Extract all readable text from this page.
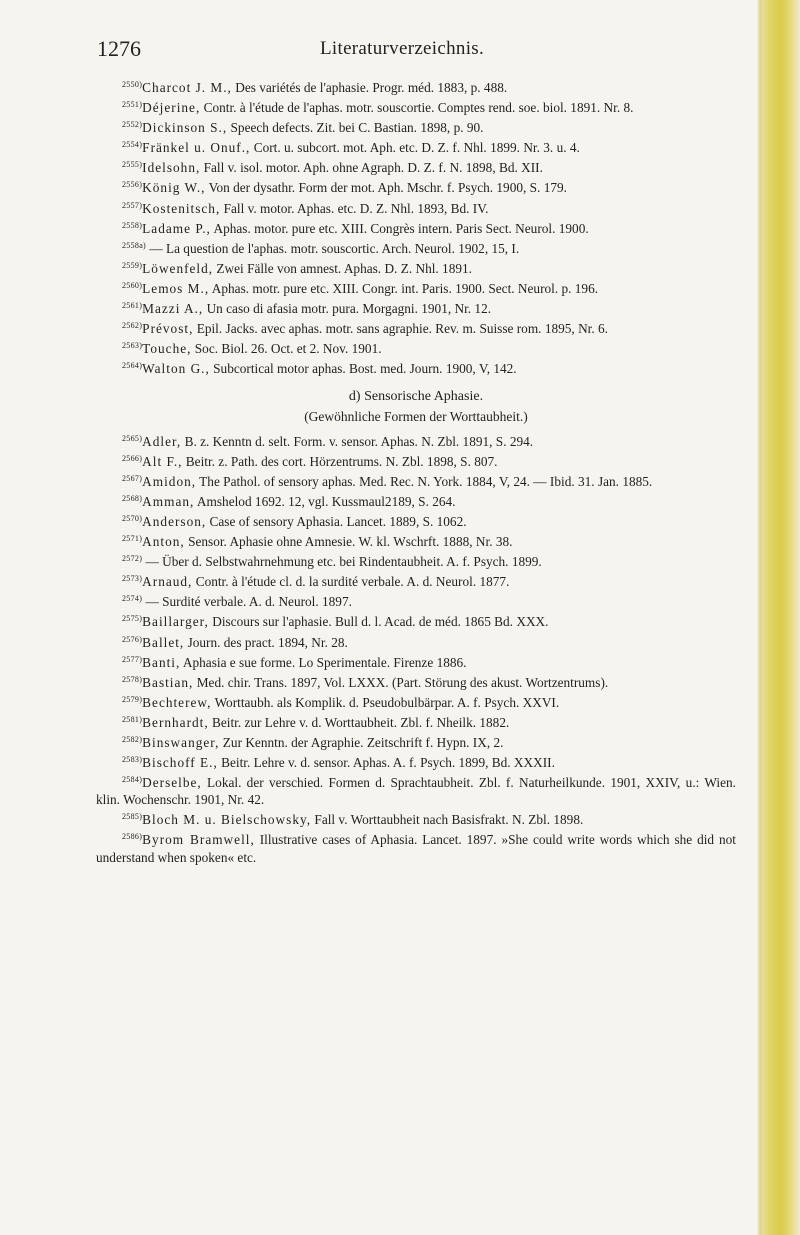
1276	Literaturverzeichnis.

$^{2550)}$Charcot J. M., Des variétés de l'aphasie. Progr. méd. 1883, p. 488.

$^{2551)}$Déjerine, Contr. à l'étude de l'aphas. motr. souscortie. Comptes rend. soe. biol. 1891. Nr. 8.

$^{2552)}$Dickinson S., Speech defects. Zit. bei C. Bastian. 1898, p. 90.

$^{2554)}$Fränkel u. Onuf., Cort. u. subcort. mot. Aph. etc. D. Z. f. Nhl. 1899. Nr. 3. u. 4.

$^{2555)}$Idelsohn, Fall v. isol. motor. Aph. ohne Agraph. D. Z. f. N. 1898, Bd. XII.

$^{2556)}$König W., Von der dysathr. Form der mot. Aph. Mschr. f. Psych. 1900, S. 179.

$^{2557)}$Kostenitsch, Fall v. motor. Aphas. etc. D. Z. Nhl. 1893, Bd. IV.

$^{2558)}$Ladame P., Aphas. motor. pure etc. XIII. Congrès intern. Paris Sect. Neurol. 1900.

$^{2558a)}$ — La question de l'aphas. motr. souscortic. Arch. Neurol. 1902, 15, I.

$^{2559)}$Löwenfeld, Zwei Fälle von amnest. Aphas. D. Z. Nhl. 1891.

$^{2560)}$Lemos M., Aphas. motr. pure etc. XIII. Congr. int. Paris. 1900. Sect. Neurol. p. 196.

$^{2561)}$Mazzi A., Un caso di afasia motr. pura. Morgagni. 1901, Nr. 12.

$^{2562)}$Prévost, Epil. Jacks. avec aphas. motr. sans agraphie. Rev. m. Suisse rom. 1895, Nr. 6.

$^{2563)}$Touche, Soc. Biol. 26. Oct. et 2. Nov. 1901.

$^{2564)}$Walton G., Subcortical motor aphas. Bost. med. Journ. 1900, V, 142.

d) Sensorische Aphasie.
(Gewöhnliche Formen der Worttaubheit.)

$^{2565)}$Adler, B. z. Kenntn d. selt. Form. v. sensor. Aphas. N. Zbl. 1891, S. 294.

$^{2566)}$Alt F., Beitr. z. Path. des cort. Hörzentrums. N. Zbl. 1898, S. 807.

$^{2567)}$Amidon, The Pathol. of sensory aphas. Med. Rec. N. York. 1884, V, 24. — Ibid. 31. Jan. 1885.

$^{2568)}$Amman, Amshelod 1692. 12, vgl. Kussmaul2189, S. 264.

$^{2570)}$Anderson, Case of sensory Aphasia. Lancet. 1889, S. 1062.

$^{2571)}$Anton, Sensor. Aphasie ohne Amnesie. W. kl. Wschrft. 1888, Nr. 38.

$^{2572)}$ — Über d. Selbstwahrnehmung etc. bei Rindentaubheit. A. f. Psych. 1899.

$^{2573)}$Arnaud, Contr. à l'étude cl. d. la surdité verbale. A. d. Neurol. 1877.

$^{2574)}$ — Surdité verbale. A. d. Neurol. 1897.

$^{2575)}$Baillarger, Discours sur l'aphasie. Bull d. l. Acad. de méd. 1865 Bd. XXX.

$^{2576)}$Ballet, Journ. des pract. 1894, Nr. 28.

$^{2577)}$Banti, Aphasia e sue forme. Lo Sperimentale. Firenze 1886.

$^{2578)}$Bastian, Med. chir. Trans. 1897, Vol. LXXX. (Part. Störung des akust. Wortzentrums).

$^{2579)}$Bechterew, Worttaubh. als Komplik. d. Pseudobulbärpar. A. f. Psych. XXVI.

$^{2581)}$Bernhardt, Beitr. zur Lehre v. d. Worttaubheit. Zbl. f. Nheilk. 1882.

$^{2582)}$Binswanger, Zur Kenntn. der Agraphie. Zeitschrift f. Hypn. IX, 2.

$^{2583)}$Bischoff E., Beitr. Lehre v. d. sensor. Aphas. A. f. Psych. 1899, Bd. XXXII.

$^{2584)}$Derselbe, Lokal. der verschied. Formen d. Sprachtaubheit. Zbl. f. Naturheilkunde. 1901, XXIV, u.: Wien. klin. Wochenschr. 1901, Nr. 42.

$^{2585)}$Bloch M. u. Bielschowsky, Fall v. Worttaubheit nach Basisfrakt. N. Zbl. 1898.

$^{2586)}$Byrom Bramwell, Illustrative cases of Aphasia. Lancet. 1897. »She could write words which she did not understand when spoken« etc.
